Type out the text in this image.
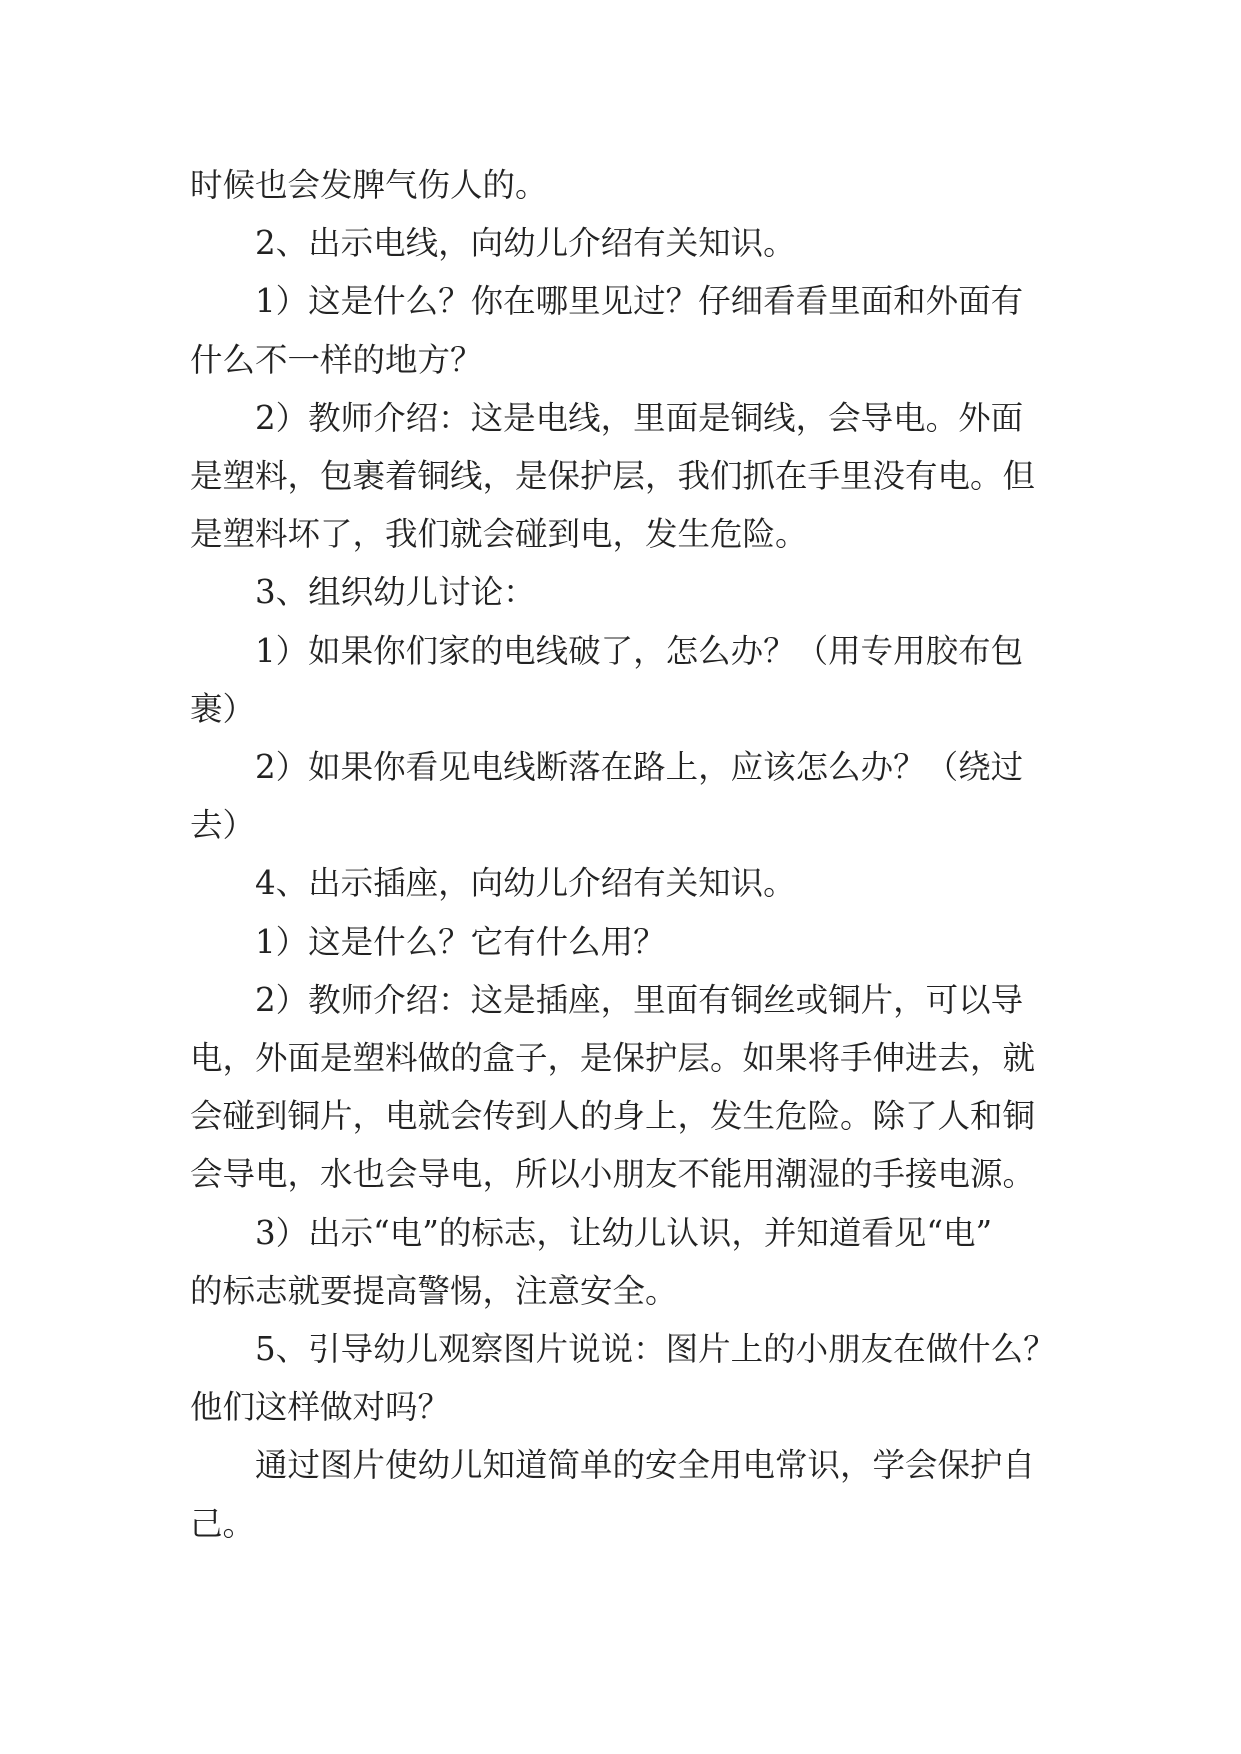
时候也会发脾气伤人的。

2、出示电线，向幼儿介绍有关知识。

1）这是什么？你在哪里见过？仔细看看里面和外面有
什么不一样的地方？

2）教师介绍：这是电线，里面是铜线，会导电。外面
是塑料，包裹着铜线，是保护层，我们抓在手里没有电。但
是塑料坏了，我们就会碰到电，发生危险。

3、组织幼儿讨论：

1）如果你们家的电线破了，怎么办？（用专用胶布包
裹）

2）如果你看见电线断落在路上，应该怎么办？（绕过
去）

4、出示插座，向幼儿介绍有关知识。

1）这是什么？它有什么用？

2）教师介绍：这是插座，里面有铜丝或铜片，可以导
电，外面是塑料做的盒子，是保护层。如果将手伸进去，就
会碰到铜片，电就会传到人的身上，发生危险。除了人和铜
会导电，水也会导电，所以小朋友不能用潮湿的手接电源。

3）出示“电”的标志，让幼儿认识，并知道看见“电”
的标志就要提高警惕，注意安全。

5、引导幼儿观察图片说说：图片上的小朋友在做什么？
他们这样做对吗？

通过图片使幼儿知道简单的安全用电常识，学会保护自
己。
